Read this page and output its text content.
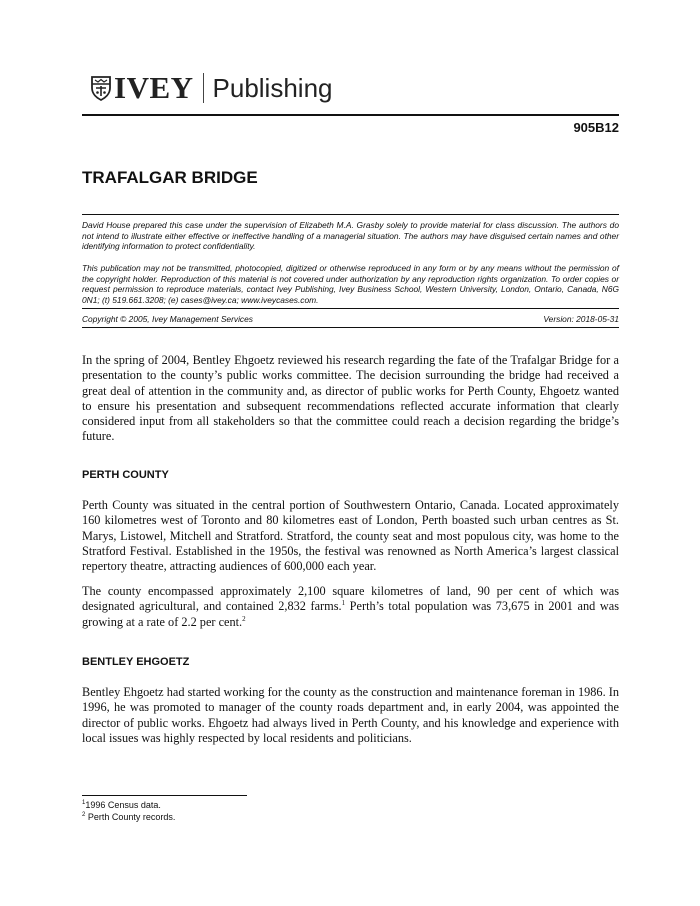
IVEY Publishing
905B12
TRAFALGAR BRIDGE

David House prepared this case under the supervision of Elizabeth M.A. Grasby solely to provide material for class discussion. The authors do not intend to illustrate either effective or ineffective handling of a managerial situation. The authors may have disguised certain names and other identifying information to protect confidentiality.

This publication may not be transmitted, photocopied, digitized or otherwise reproduced in any form or by any means without the permission of the copyright holder. Reproduction of this material is not covered under authorization by any reproduction rights organization. To order copies or request permission to reproduce materials, contact Ivey Publishing, Ivey Business School, Western University, London, Ontario, Canada, N6G 0N1; (t) 519.661.3208; (e) cases@ivey.ca; www.iveycases.com.

Copyright © 2005, Ivey Management Services	Version: 2018-05-31

In the spring of 2004, Bentley Ehgoetz reviewed his research regarding the fate of the Trafalgar Bridge for a presentation to the county’s public works committee. The decision surrounding the bridge had received a great deal of attention in the community and, as director of public works for Perth County, Ehgoetz wanted to ensure his presentation and subsequent recommendations reflected accurate information that clearly considered input from all stakeholders so that the committee could reach a decision regarding the bridge’s future.

PERTH COUNTY

Perth County was situated in the central portion of Southwestern Ontario, Canada. Located approximately 160 kilometres west of Toronto and 80 kilometres east of London, Perth boasted such urban centres as St. Marys, Listowel, Mitchell and Stratford. Stratford, the county seat and most populous city, was home to the Stratford Festival. Established in the 1950s, the festival was renowned as North America’s largest classical repertory theatre, attracting audiences of 600,000 each year.

The county encompassed approximately 2,100 square kilometres of land, 90 per cent of which was designated agricultural, and contained 2,832 farms.$^1$ Perth’s total population was 73,675 in 2001 and was growing at a rate of 2.2 per cent.$^2$

BENTLEY EHGOETZ

Bentley Ehgoetz had started working for the county as the construction and maintenance foreman in 1986. In 1996, he was promoted to manager of the county roads department and, in early 2004, was appointed the director of public works. Ehgoetz had always lived in Perth County, and his knowledge and experience with local issues was highly respected by local residents and politicians.

$^1$1996 Census data.

$^2$ Perth County records.
